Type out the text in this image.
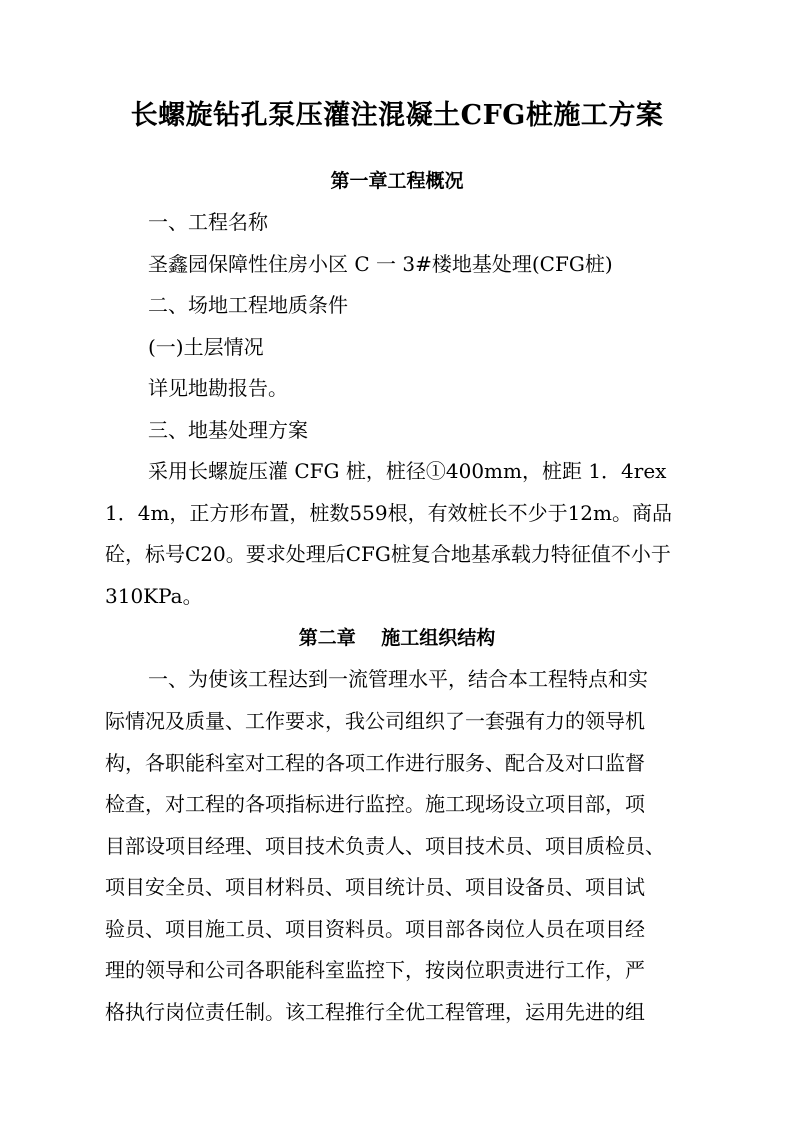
长螺旋钻孔泵压灌注混凝土CFG桩施工方案
第一章工程概况
一、工程名称
圣鑫园保障性住房小区 C 一 3#楼地基处理(CFG桩)
二、场地工程地质条件
(一)土层情况
详见地勘报告。
三、地基处理方案
采用长螺旋压灌 CFG 桩，桩径①400mm，桩距 1．4rex
1．4m，正方形布置，桩数559根，有效桩长不少于12m。商品
砼，标号C20。要求处理后CFG桩复合地基承载力特征值不小于
310KPa。
第二章　 施工组织结构
一、为使该工程达到一流管理水平，结合本工程特点和实
际情况及质量、工作要求，我公司组织了一套强有力的领导机
构，各职能科室对工程的各项工作进行服务、配合及对口监督
检查，对工程的各项指标进行监控。施工现场设立项目部，项
目部设项目经理、项目技术负责人、项目技术员、项目质检员、
项目安全员、项目材料员、项目统计员、项目设备员、项目试
验员、项目施工员、项目资料员。项目部各岗位人员在项目经
理的领导和公司各职能科室监控下，按岗位职责进行工作，严
格执行岗位责任制。该工程推行全优工程管理，运用先进的组
